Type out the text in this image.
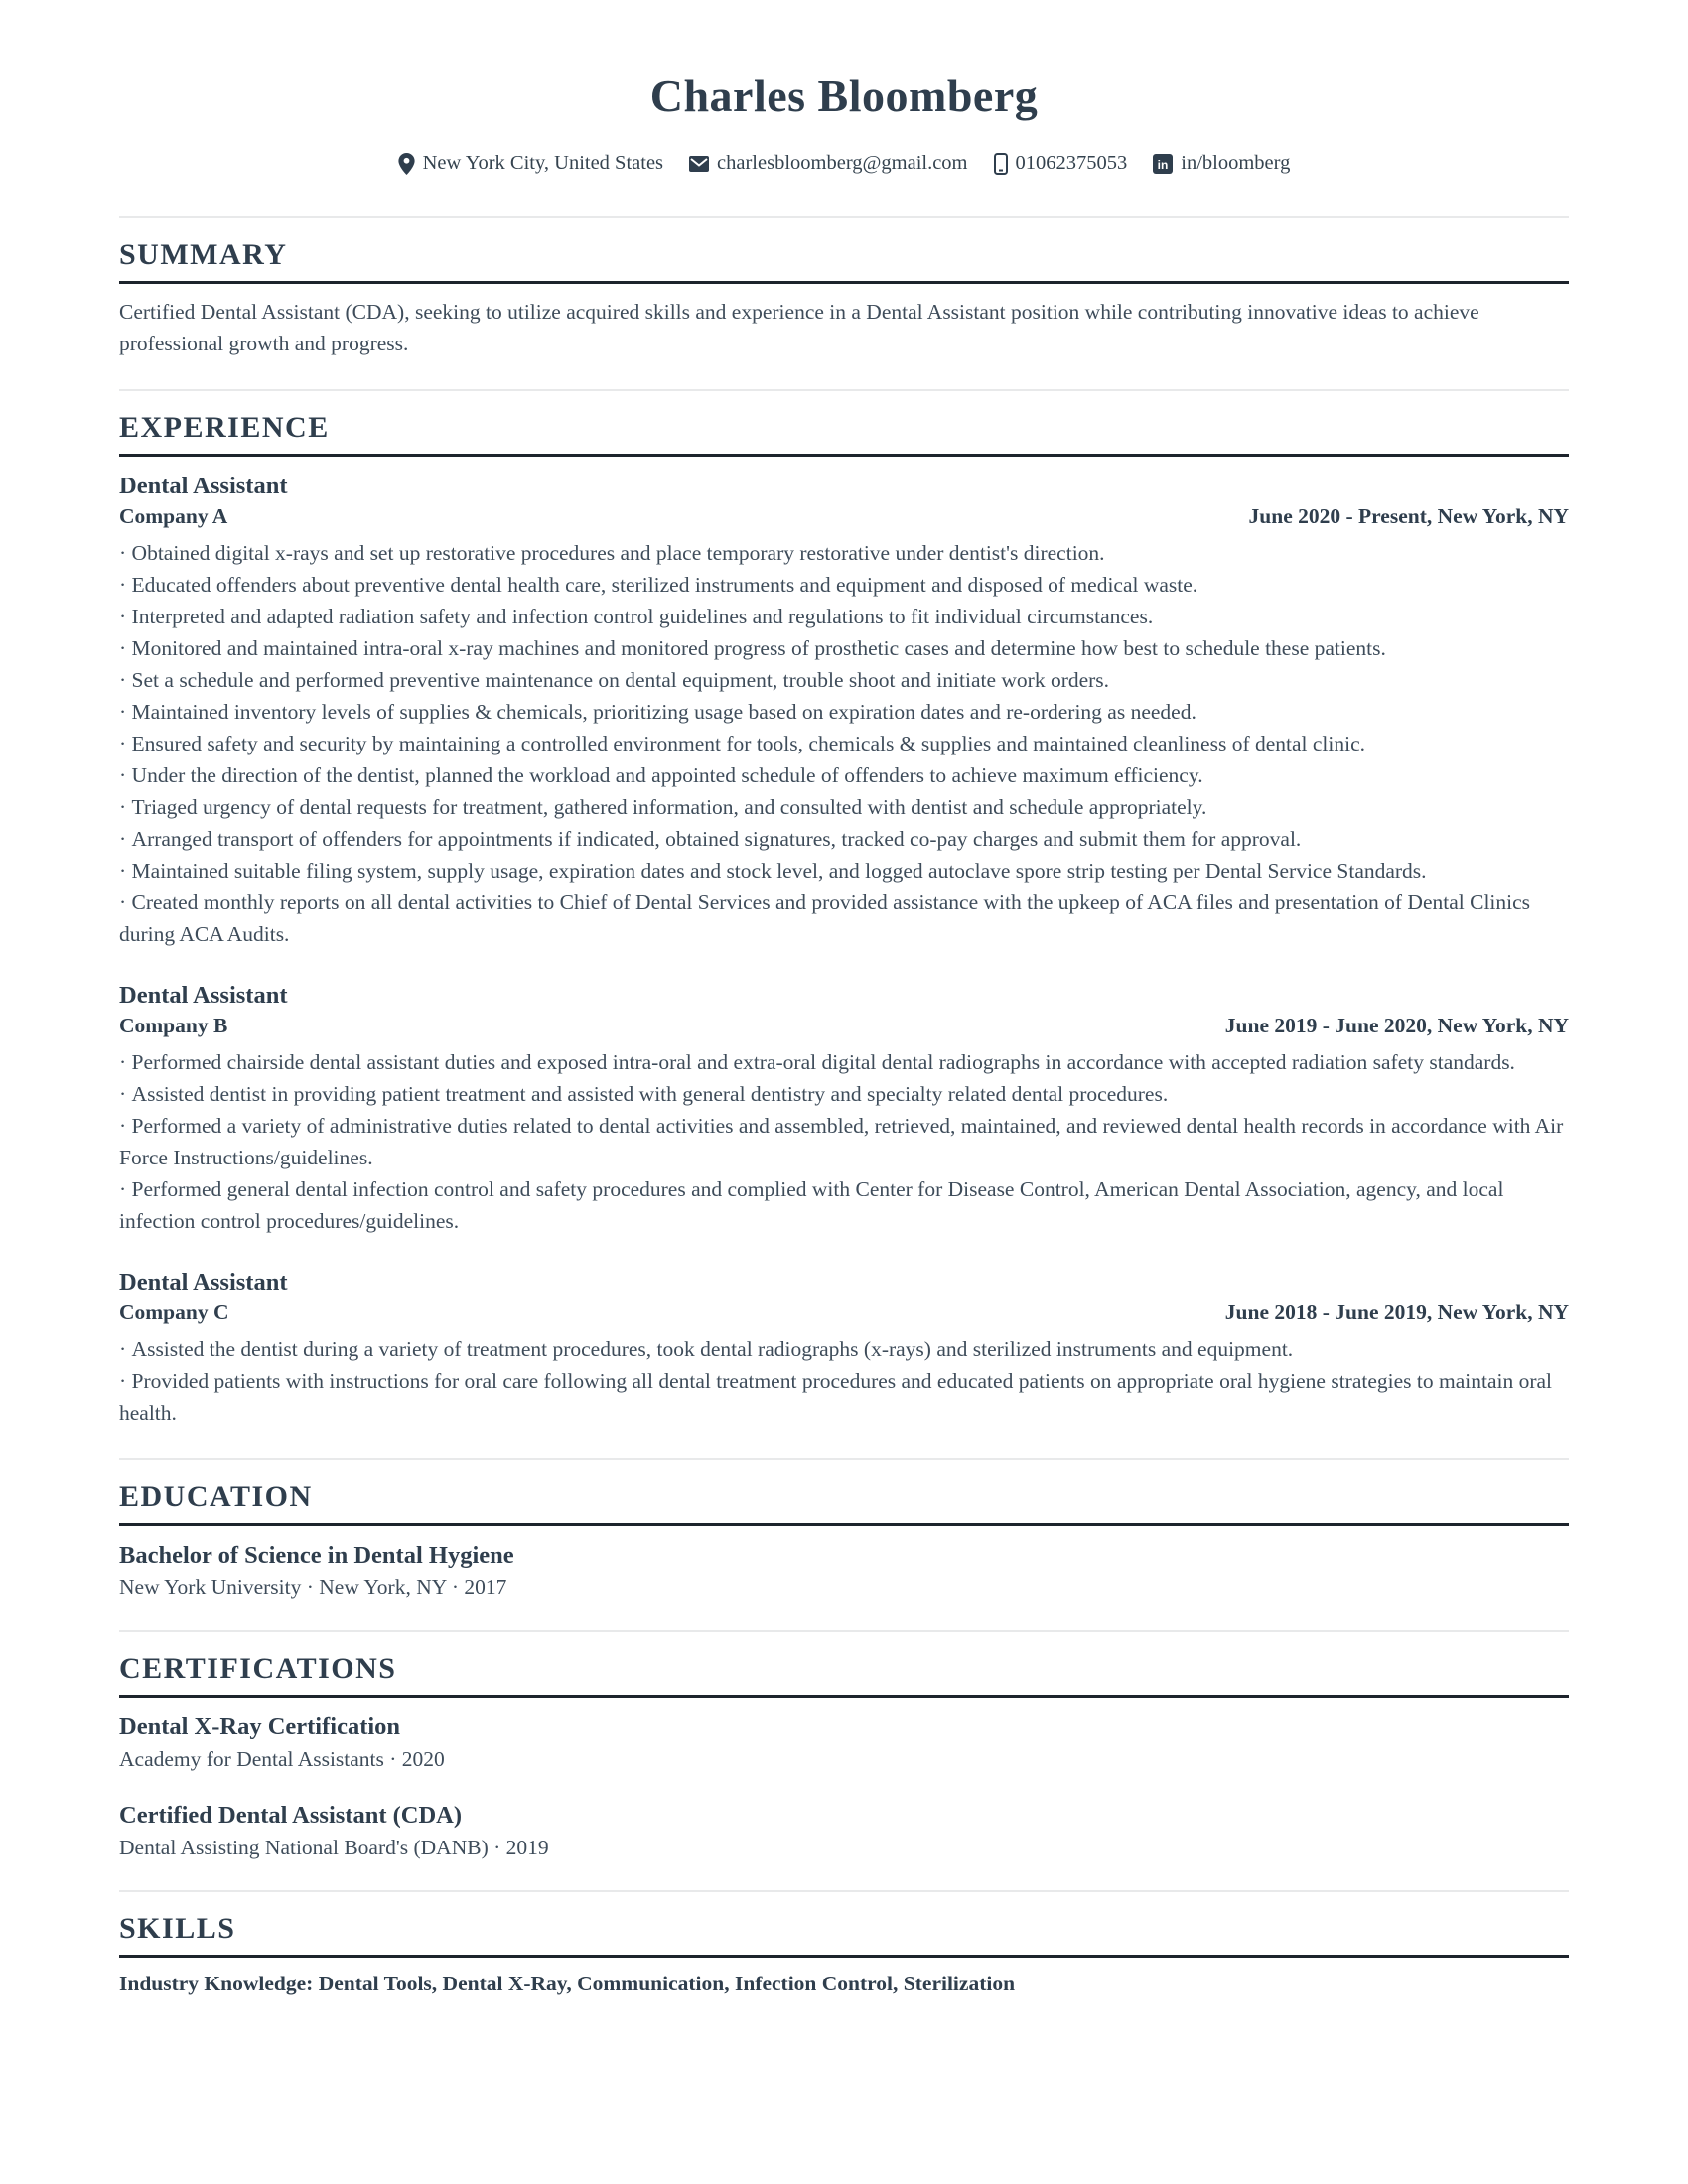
Charles Bloomberg
New York City, United States	charlesbloomberg@gmail.com 01062375053	in in/bloomberg
SUMMARY

Certified Dental Assistant (CDA), seeking to utilize acquired skills and experience in a Dental Assistant position while contributing innovative ideas to achieve professional growth and progress.

EXPERIENCE
Dental Assistant
Company A	June 2020 - Present, New York, NY
· Obtained digital x-rays and set up restorative procedures and place temporary restorative under dentist's direction.
· Educated offenders about preventive dental health care, sterilized instruments and equipment and disposed of medical waste.
· Interpreted and adapted radiation safety and infection control guidelines and regulations to fit individual circumstances.
· Monitored and maintained intra-oral x-ray machines and monitored progress of prosthetic cases and determine how best to schedule these patients.
· Set a schedule and performed preventive maintenance on dental equipment, trouble shoot and initiate work orders.
· Maintained inventory levels of supplies & chemicals, prioritizing usage based on expiration dates and re-ordering as needed.
· Ensured safety and security by maintaining a controlled environment for tools, chemicals & supplies and maintained cleanliness of dental clinic.
· Under the direction of the dentist, planned the workload and appointed schedule of offenders to achieve maximum efficiency.
· Triaged urgency of dental requests for treatment, gathered information, and consulted with dentist and schedule appropriately.
· Arranged transport of offenders for appointments if indicated, obtained signatures, tracked co-pay charges and submit them for approval.
· Maintained suitable filing system, supply usage, expiration dates and stock level, and logged autoclave spore strip testing per Dental Service Standards.
· Created monthly reports on all dental activities to Chief of Dental Services and provided assistance with the upkeep of ACA files and presentation of Dental Clinics during ACA Audits.
Dental Assistant
Company B	June 2019 - June 2020, New York, NY
· Performed chairside dental assistant duties and exposed intra-oral and extra-oral digital dental radiographs in accordance with accepted radiation safety standards.
· Assisted dentist in providing patient treatment and assisted with general dentistry and specialty related dental procedures.
· Performed a variety of administrative duties related to dental activities and assembled, retrieved, maintained, and reviewed dental health records in accordance with Air Force Instructions/guidelines.
· Performed general dental infection control and safety procedures and complied with Center for Disease Control, American Dental Association, agency, and local infection control procedures/guidelines.
Dental Assistant
Company C	June 2018 - June 2019, New York, NY
· Assisted the dentist during a variety of treatment procedures, took dental radiographs (x-rays) and sterilized instruments and equipment.
· Provided patients with instructions for oral care following all dental treatment procedures and educated patients on appropriate oral hygiene strategies to maintain oral health.
EDUCATION
Bachelor of Science in Dental Hygiene
New York University · New York, NY · 2017
CERTIFICATIONS
Dental X-Ray Certification
Academy for Dental Assistants · 2020
Certified Dental Assistant (CDA)
Dental Assisting National Board's (DANB) · 2019
SKILLS
Industry Knowledge: Dental Tools, Dental X-Ray, Communication, Infection Control, Sterilization
